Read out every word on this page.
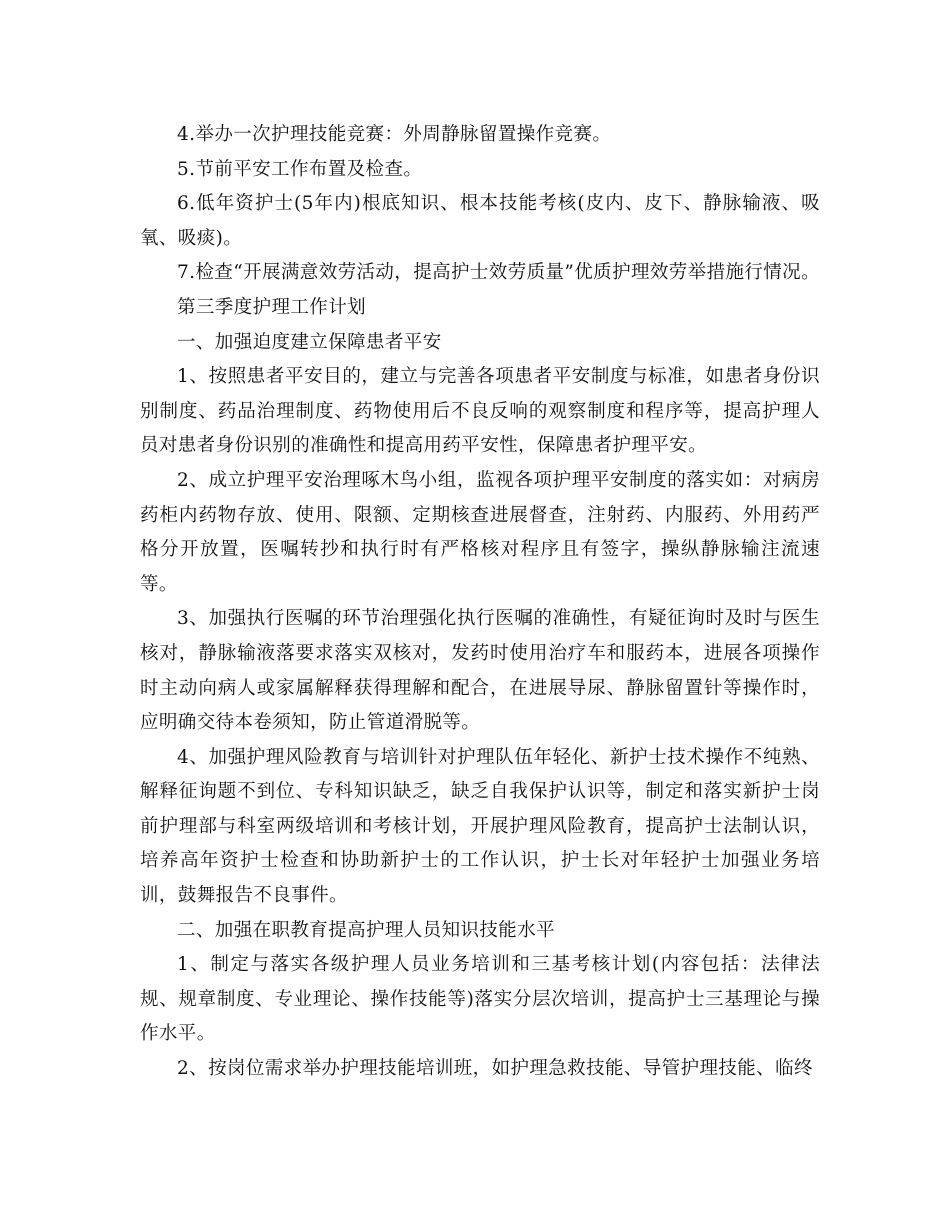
4.举办一次护理技能竞赛：外周静脉留置操作竞赛。

5.节前平安工作布置及检查。

6.低年资护士(5年内)根底知识、根本技能考核(皮内、皮下、静脉输液、吸氧、吸痰)。

7.检查“开展满意效劳活动，提高护士效劳质量”优质护理效劳举措施行情况。

第三季度护理工作计划

一、加强迫度建立保障患者平安

1、按照患者平安目的，建立与完善各项患者平安制度与标准，如患者身份识别制度、药品治理制度、药物使用后不良反响的观察制度和程序等，提高护理人员对患者身份识别的准确性和提高用药平安性，保障患者护理平安。

2、成立护理平安治理啄木鸟小组，监视各项护理平安制度的落实如：对病房药柜内药物存放、使用、限额、定期核查进展督查，注射药、内服药、外用药严格分开放置，医嘱转抄和执行时有严格核对程序且有签字，操纵静脉输注流速等。

3、加强执行医嘱的环节治理强化执行医嘱的准确性，有疑征询时及时与医生核对，静脉输液落要求落实双核对，发药时使用治疗车和服药本，进展各项操作时主动向病人或家属解释获得理解和配合，在进展导尿、静脉留置针等操作时，应明确交待本卷须知，防止管道滑脱等。

4、加强护理风险教育与培训针对护理队伍年轻化、新护士技术操作不纯熟、解释征询题不到位、专科知识缺乏，缺乏自我保护认识等，制定和落实新护士岗前护理部与科室两级培训和考核计划，开展护理风险教育，提高护士法制认识，培养高年资护士检查和协助新护士的工作认识，护士长对年轻护士加强业务培训，鼓舞报告不良事件。

二、加强在职教育提高护理人员知识技能水平

1、制定与落实各级护理人员业务培训和三基考核计划(内容包括：法律法规、规章制度、专业理论、操作技能等)落实分层次培训，提高护士三基理论与操作水平。

2、按岗位需求举办护理技能培训班，如护理急救技能、导管护理技能、临终
